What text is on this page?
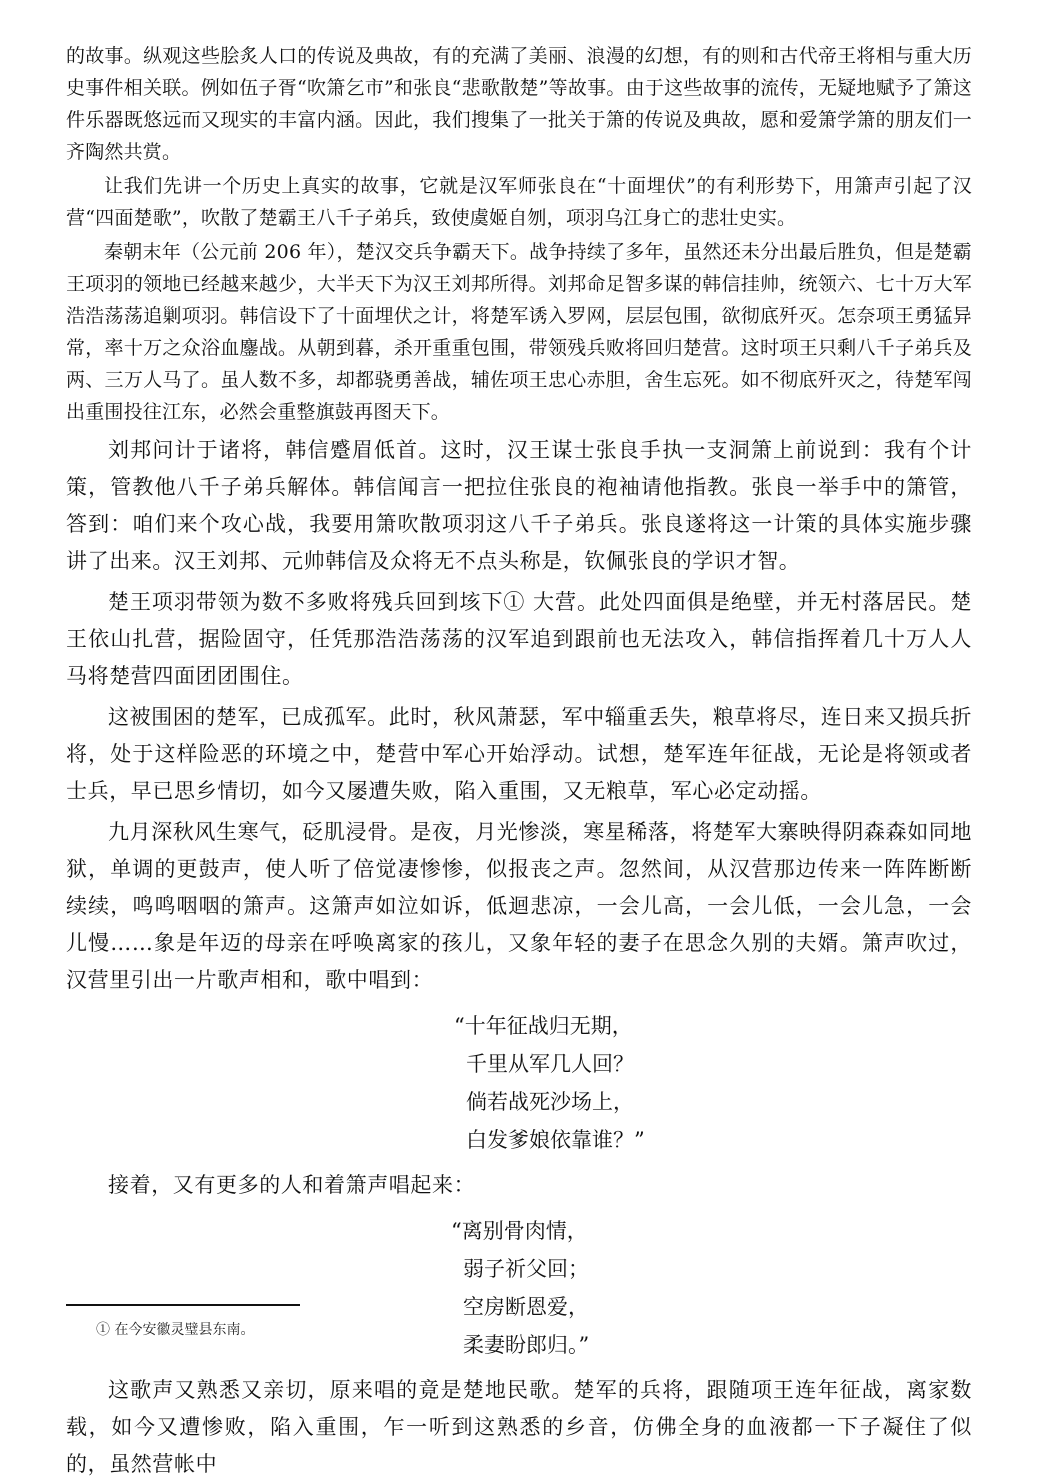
的故事。纵观这些脍炙人口的传说及典故，有的充满了美丽、浪漫的幻想，有的则和古代帝王将相与重大历史事件相关联。例如伍子胥“吹箫乞市”和张良“悲歌散楚”等故事。由于这些故事的流传，无疑地赋予了箫这件乐器既悠远而又现实的丰富内涵。因此，我们搜集了一批关于箫的传说及典故，愿和爱箫学箫的朋友们一齐陶然共赏。

让我们先讲一个历史上真实的故事，它就是汉军师张良在“十面埋伏”的有利形势下，用箫声引起了汉营“四面楚歌”，吹散了楚霸王八千子弟兵，致使虞姬自刎，项羽乌江身亡的悲壮史实。

秦朝末年（公元前 206 年），楚汉交兵争霸天下。战争持续了多年，虽然还未分出最后胜负，但是楚霸王项羽的领地已经越来越少，大半天下为汉王刘邦所得。刘邦命足智多谋的韩信挂帅，统领六、七十万大军浩浩荡荡追剿项羽。韩信设下了十面埋伏之计，将楚军诱入罗网，层层包围，欲彻底歼灭。怎奈项王勇猛异常，率十万之众浴血鏖战。从朝到暮，杀开重重包围，带领残兵败将回归楚营。这时项王只剩八千子弟兵及两、三万人马了。虽人数不多，却都骁勇善战，辅佐项王忠心赤胆，舍生忘死。如不彻底歼灭之，待楚军闯出重围投往江东，必然会重整旗鼓再图天下。

刘邦问计于诸将，韩信蹙眉低首。这时，汉王谋士张良手执一支洞箫上前说到：我有个计策，管教他八千子弟兵解体。韩信闻言一把拉住张良的袍袖请他指教。张良一举手中的箫管，答到：咱们来个攻心战，我要用箫吹散项羽这八千子弟兵。张良遂将这一计策的具体实施步骤讲了出来。汉王刘邦、元帅韩信及众将无不点头称是，钦佩张良的学识才智。

楚王项羽带领为数不多败将残兵回到垓下① 大营。此处四面俱是绝壁，并无村落居民。楚王依山扎营，据险固守，任凭那浩浩荡荡的汉军追到跟前也无法攻入，韩信指挥着几十万人人马将楚营四面团团围住。

这被围困的楚军，已成孤军。此时，秋风萧瑟，军中辎重丢失，粮草将尽，连日来又损兵折将，处于这样险恶的环境之中，楚营中军心开始浮动。试想，楚军连年征战，无论是将领或者士兵，早已思乡情切，如今又屡遭失败，陷入重围，又无粮草，军心必定动摇。

九月深秋风生寒气，砭肌浸骨。是夜，月光惨淡，寒星稀落，将楚军大寨映得阴森森如同地狱，单调的更鼓声，使人听了倍觉凄惨惨，似报丧之声。忽然间，从汉营那边传来一阵阵断断续续，鸣鸣咽咽的箫声。这箫声如泣如诉，低迴悲凉，一会儿高，一会儿低，一会儿急，一会儿慢……象是年迈的母亲在呼唤离家的孩儿，又象年轻的妻子在思念久别的夫婿。箫声吹过，汉营里引出一片歌声相和，歌中唱到：

“十年征战归无期，
千里从军几人回？
倘若战死沙场上，
白发爹娘依靠谁？”

接着，又有更多的人和着箫声唱起来：

“离别骨肉情，
弱子祈父回；
空房断恩爱，
柔妻盼郎归。”

这歌声又熟悉又亲切，原来唱的竟是楚地民歌。楚军的兵将，跟随项王连年征战，离家数载，如今又遭惨败，陷入重围，乍一听到这熟悉的乡音，仿佛全身的血液都一下子凝住了似的，虽然营帐中

① 在今安徽灵璧县东南。
